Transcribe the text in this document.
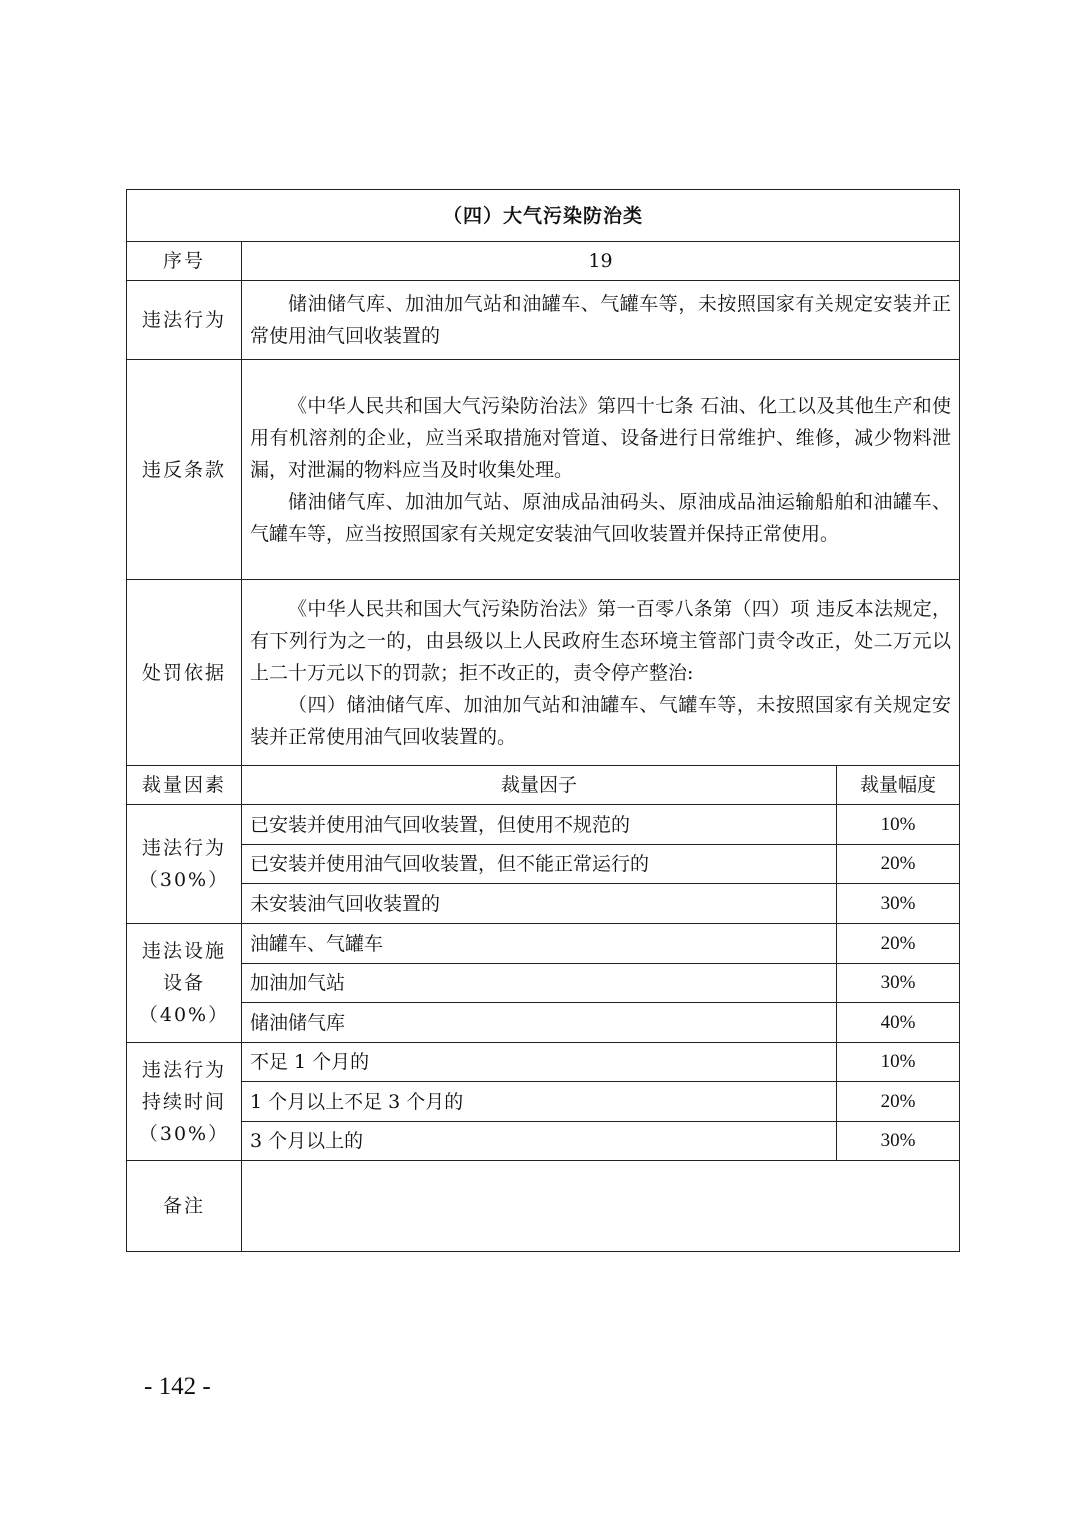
（四）大气污染防治类		
序号	19	
违法行为	储油储气库、加油加气站和油罐车、气罐车等，未按照国家有关规定安装并正常使用油气回收装置的	

违反条款	《中华人民共和国大气污染防治法》第四十七条 石油、化工以及其他生产和使用有机溶剂的企业，应当采取措施对管道、设备进行日常维护、维修，减少物料泄漏，对泄漏的物料应当及时收集处理。

储油储气库、加油加气站、原油成品油码头、原油成品油运输船舶和油罐车、气罐车等，应当按照国家有关规定安装油气回收装置并保持正常使用。	

处罚依据	《中华人民共和国大气污染防治法》第一百零八条第（四）项 违反本法规定，有下列行为之一的，由县级以上人民政府生态环境主管部门责令改正，处二万元以上二十万元以下的罚款；拒不改正的，责令停产整治:

（四）储油储气库、加油加气站和油罐车、气罐车等，未按照国家有关规定安装并正常使用油气回收装置的。	

裁量因素	裁量因子	裁量幅度

违法行为
（30%）	已安装并使用油气回收装置，但使用不规范的	10%
	已安装并使用油气回收装置，但不能正常运行的	20%
	未安装油气回收装置的	30%

违法设施
设备
（40%）	油罐车、气罐车	20%
	加油加气站	30%
	储油储气库	40%

违法行为
持续时间
（30%）	不足 1 个月的	10%
	1 个月以上不足 3 个月的	20%
	3 个月以上的	30%
备注		
- 142 -
